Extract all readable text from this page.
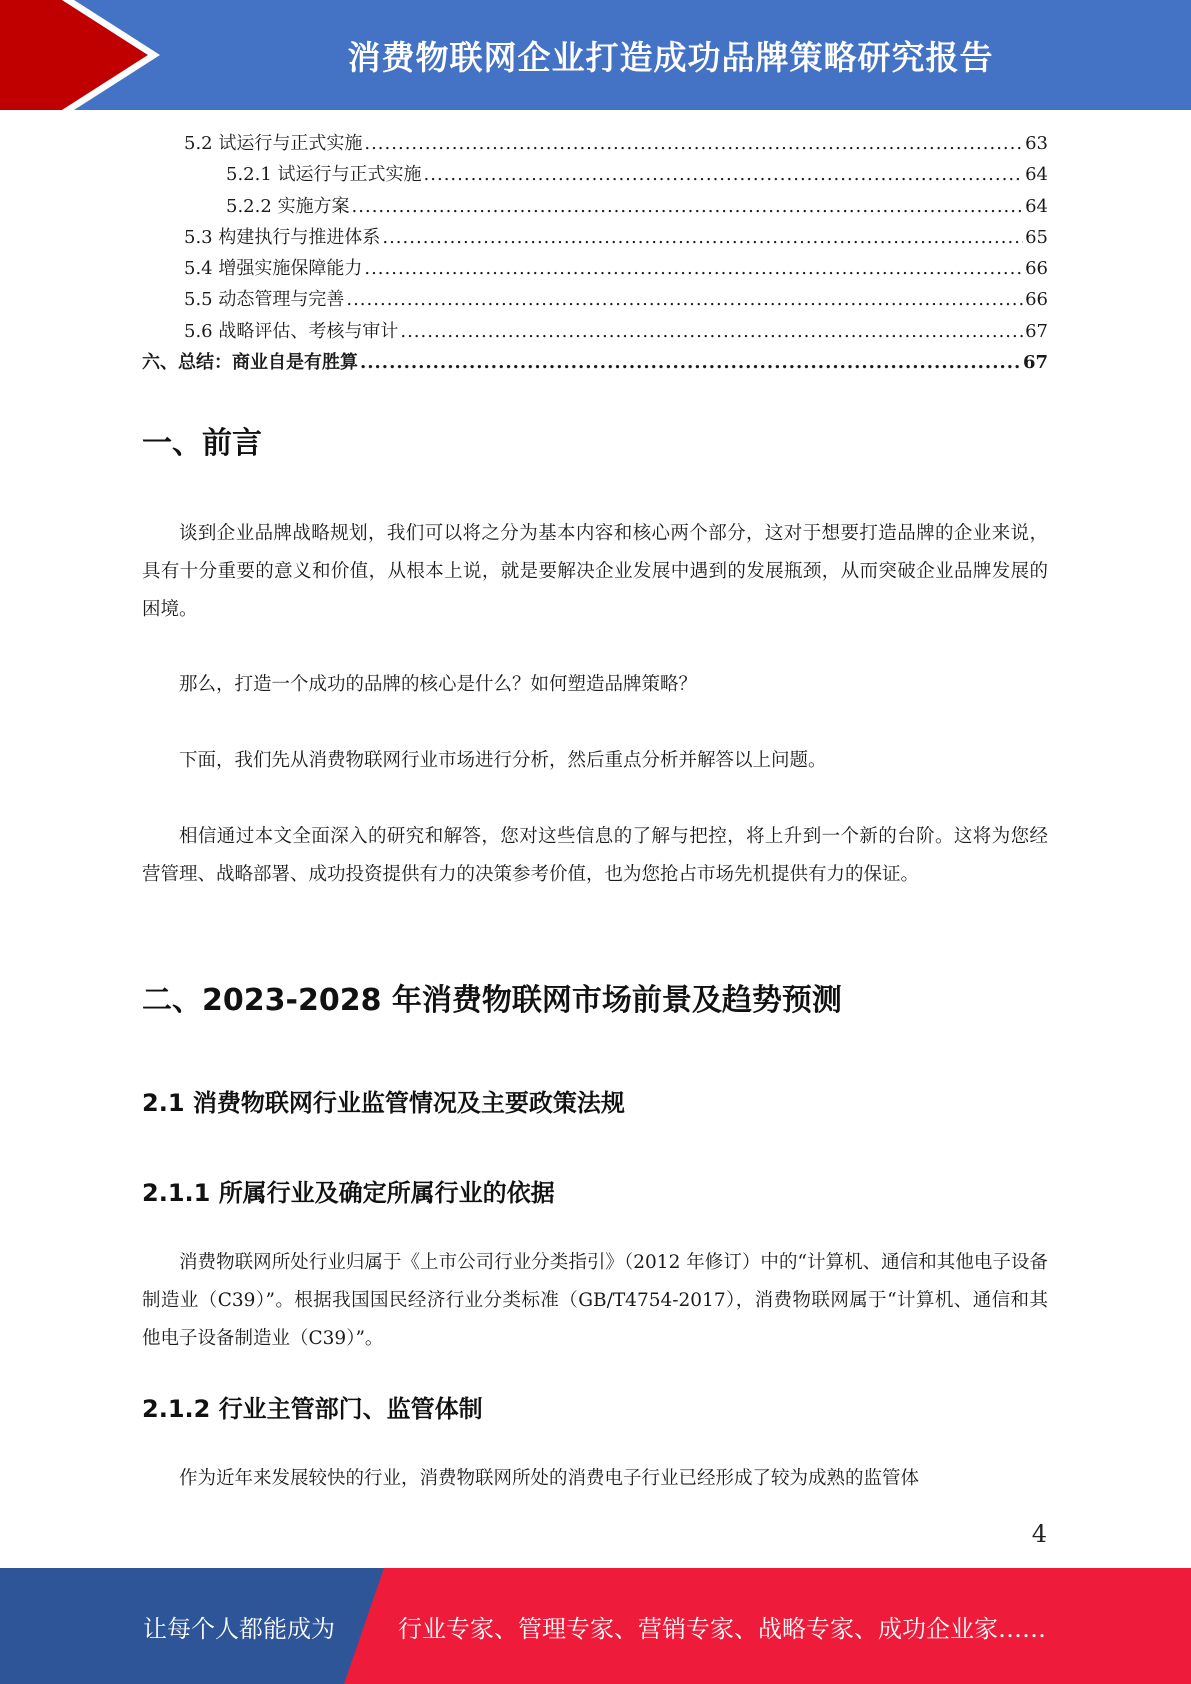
消费物联网企业打造成功品牌策略研究报告
5.2 试运行与正式实施 .....	63
5.2.1 试运行与正式实施 .....	64
5.2.2 实施方案 .....	64
5.3 构建执行与推进体系 .....	65
5.4 增强实施保障能力 .....	66
5.5 动态管理与完善 .....	66
5.6 战略评估、考核与审计 .....	67
六、总结：商业自是有胜算 .....	67
一、前言

谈到企业品牌战略规划，我们可以将之分为基本内容和核心两个部分，这对于想要打造品牌的企业来说，具有十分重要的意义和价值，从根本上说，就是要解决企业发展中遇到的发展瓶颈，从而突破企业品牌发展的困境。

那么，打造一个成功的品牌的核心是什么？如何塑造品牌策略？

下面，我们先从消费物联网行业市场进行分析，然后重点分析并解答以上问题。

相信通过本文全面深入的研究和解答，您对这些信息的了解与把控，将上升到一个新的台阶。这将为您经营管理、战略部署、成功投资提供有力的决策参考价值，也为您抢占市场先机提供有力的保证。

二、2023-2028 年消费物联网市场前景及趋势预测
2.1 消费物联网行业监管情况及主要政策法规
2.1.1 所属行业及确定所属行业的依据

消费物联网所处行业归属于《上市公司行业分类指引》（2012 年修订）中的“计算机、通信和其他电子设备制造业（C39）”。根据我国国民经济行业分类标准（GB/T4754-2017），消费物联网属于“计算机、通信和其他电子设备制造业（C39）”。

2.1.2 行业主管部门、监管体制

作为近年来发展较快的行业，消费物联网所处的消费电子行业已经形成了较为成熟的监管体

4
让每个人都能成为	行业专家、管理专家、营销专家、战略专家、成功企业家……
